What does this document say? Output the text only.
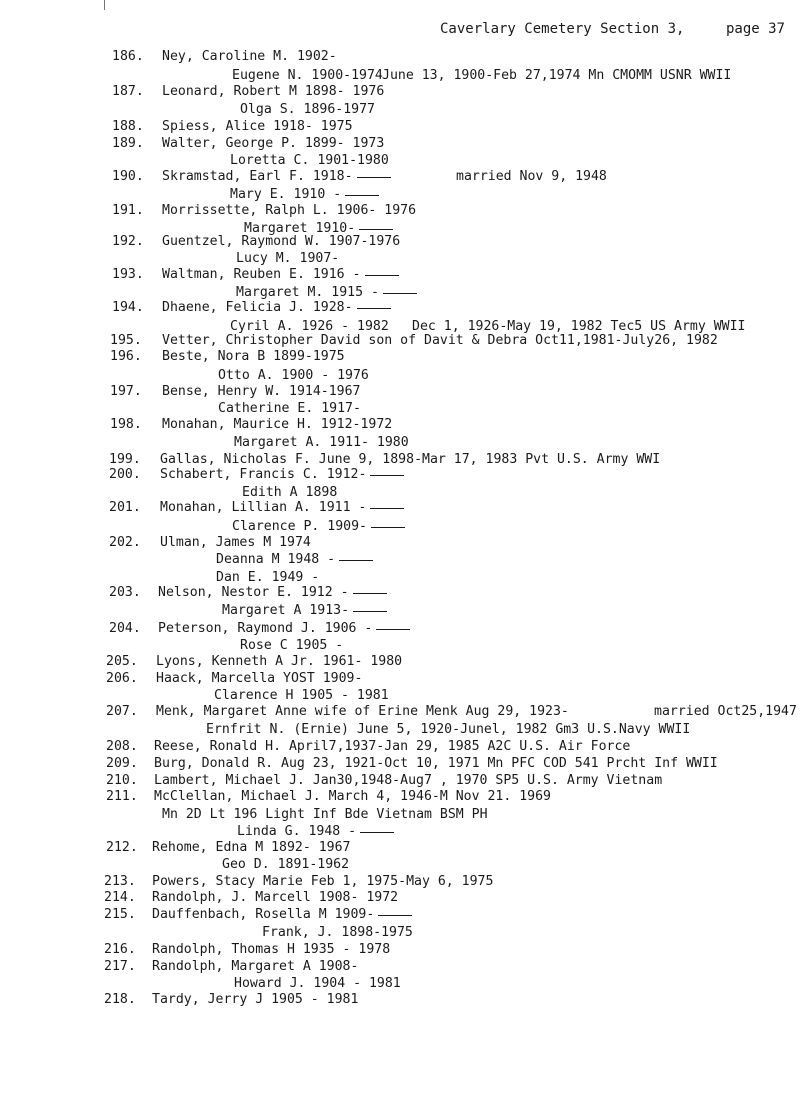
Caverlary Cemetery Section 3,	page 37
186. Ney, Caroline M. 1902-
Eugene N. 1900-1974 June 13, 1900-Feb 27,1974 Mn CMOMM USNR WWII
187. Leonard, Robert M 1898- 1976
Olga S. 1896-1977
188. Spiess, Alice 1918- 1975
189. Walter, George P. 1899- 1973
Loretta C. 1901-1980
190. Skramstad, Earl F. 1918-	married Nov 9, 1948
Mary E. 1910 -
191. Morrissette, Ralph L. 1906- 1976
Margaret 1910-
192. Guentzel, Raymond W. 1907-1976
Lucy M. 1907-
193. Waltman, Reuben E. 1916 -
Margaret M. 1915 -
194. Dhaene, Felicia J. 1928-
Cyril A. 1926 - 1982 Dec 1, 1926-May 19, 1982 Tec5 US Army WWII
195. Vetter, Christopher David son of Davit & Debra Oct11,1981-July26, 1982
196. Beste, Nora B 1899-1975
Otto A. 1900 - 1976
197. Bense, Henry W. 1914-1967
Catherine E. 1917-
198. Monahan, Maurice H. 1912-1972
Margaret A. 1911- 1980
199. Gallas, Nicholas F. June 9, 1898-Mar 17, 1983 Pvt U.S. Army WWI
200. Schabert, Francis C. 1912-
Edith A 1898
201. Monahan, Lillian A. 1911 -
Clarence P. 1909-
202. Ulman, James M 1974
Deanna M 1948 -
Dan E. 1949 -
203. Nelson, Nestor E. 1912 -
Margaret A 1913-
204. Peterson, Raymond J. 1906 -
Rose C 1905 -
205. Lyons, Kenneth A Jr. 1961- 1980
206. Haack, Marcella YOST 1909-
Clarence H 1905 - 1981
207. Menk, Margaret Anne wife of Erine Menk Aug 29, 1923-	married Oct25,1947
Ernfrit N. (Ernie) June 5, 1920-Junel, 1982 Gm3 U.S.Navy WWII
208. Reese, Ronald H. April7,1937-Jan 29, 1985 A2C U.S. Air Force
209. Burg, Donald R. Aug 23, 1921-Oct 10, 1971 Mn PFC COD 541 Prcht Inf WWII
210. Lambert, Michael J. Jan30,1948-Aug7 , 1970 SP5 U.S. Army Vietnam
211. McClellan, Michael J. March 4, 1946-M Nov 21. 1969
Mn 2D Lt 196 Light Inf Bde Vietnam BSM PH
Linda G. 1948 -
212. Rehome, Edna M 1892- 1967
Geo D. 1891-1962
213. Powers, Stacy Marie Feb 1, 1975-May 6, 1975
214. Randolph, J. Marcell 1908- 1972
215. Dauffenbach, Rosella M 1909-
Frank, J. 1898-1975
216. Randolph, Thomas H 1935 - 1978
217. Randolph, Margaret A 1908-
Howard J. 1904 - 1981
218. Tardy, Jerry J 1905 - 1981
